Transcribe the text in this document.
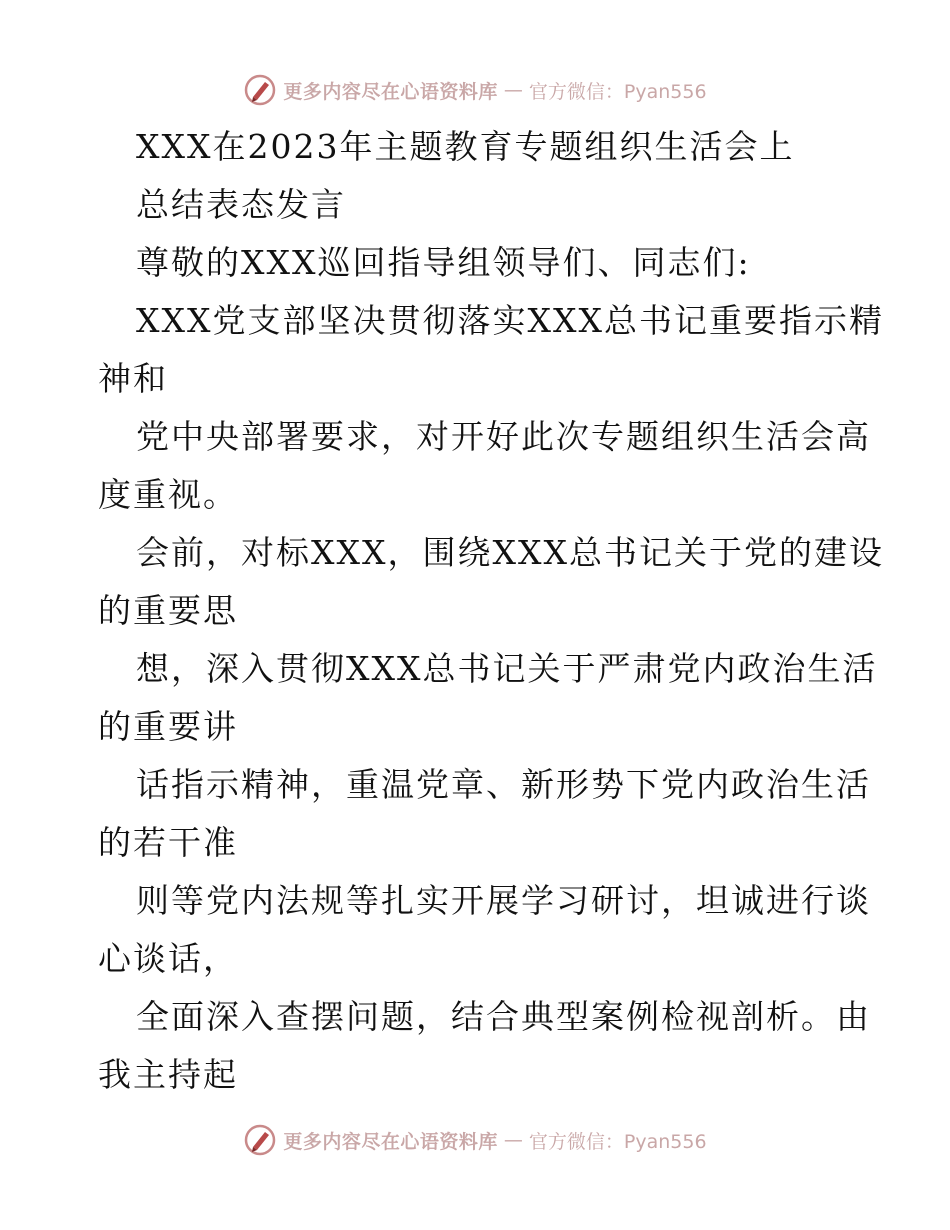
更多内容尽在心语资料库 — 官方微信：Pyan556
XXX在2023年主题教育专题组织生活会上
总结表态发言
尊敬的XXX巡回指导组领导们、同志们:
XXX党支部坚决贯彻落实XXX总书记重要指示精
神和
党中央部署要求，对开好此次专题组织生活会高
度重视。
会前，对标XXX，围绕XXX总书记关于党的建设
的重要思
想，深入贯彻XXX总书记关于严肃党内政治生活
的重要讲
话指示精神，重温党章、新形势下党内政治生活
的若干准
则等党内法规等扎实开展学习研讨，坦诚进行谈
心谈话，
全面深入查摆问题，结合典型案例检视剖析。由
我主持起
更多内容尽在心语资料库 — 官方微信：Pyan556
